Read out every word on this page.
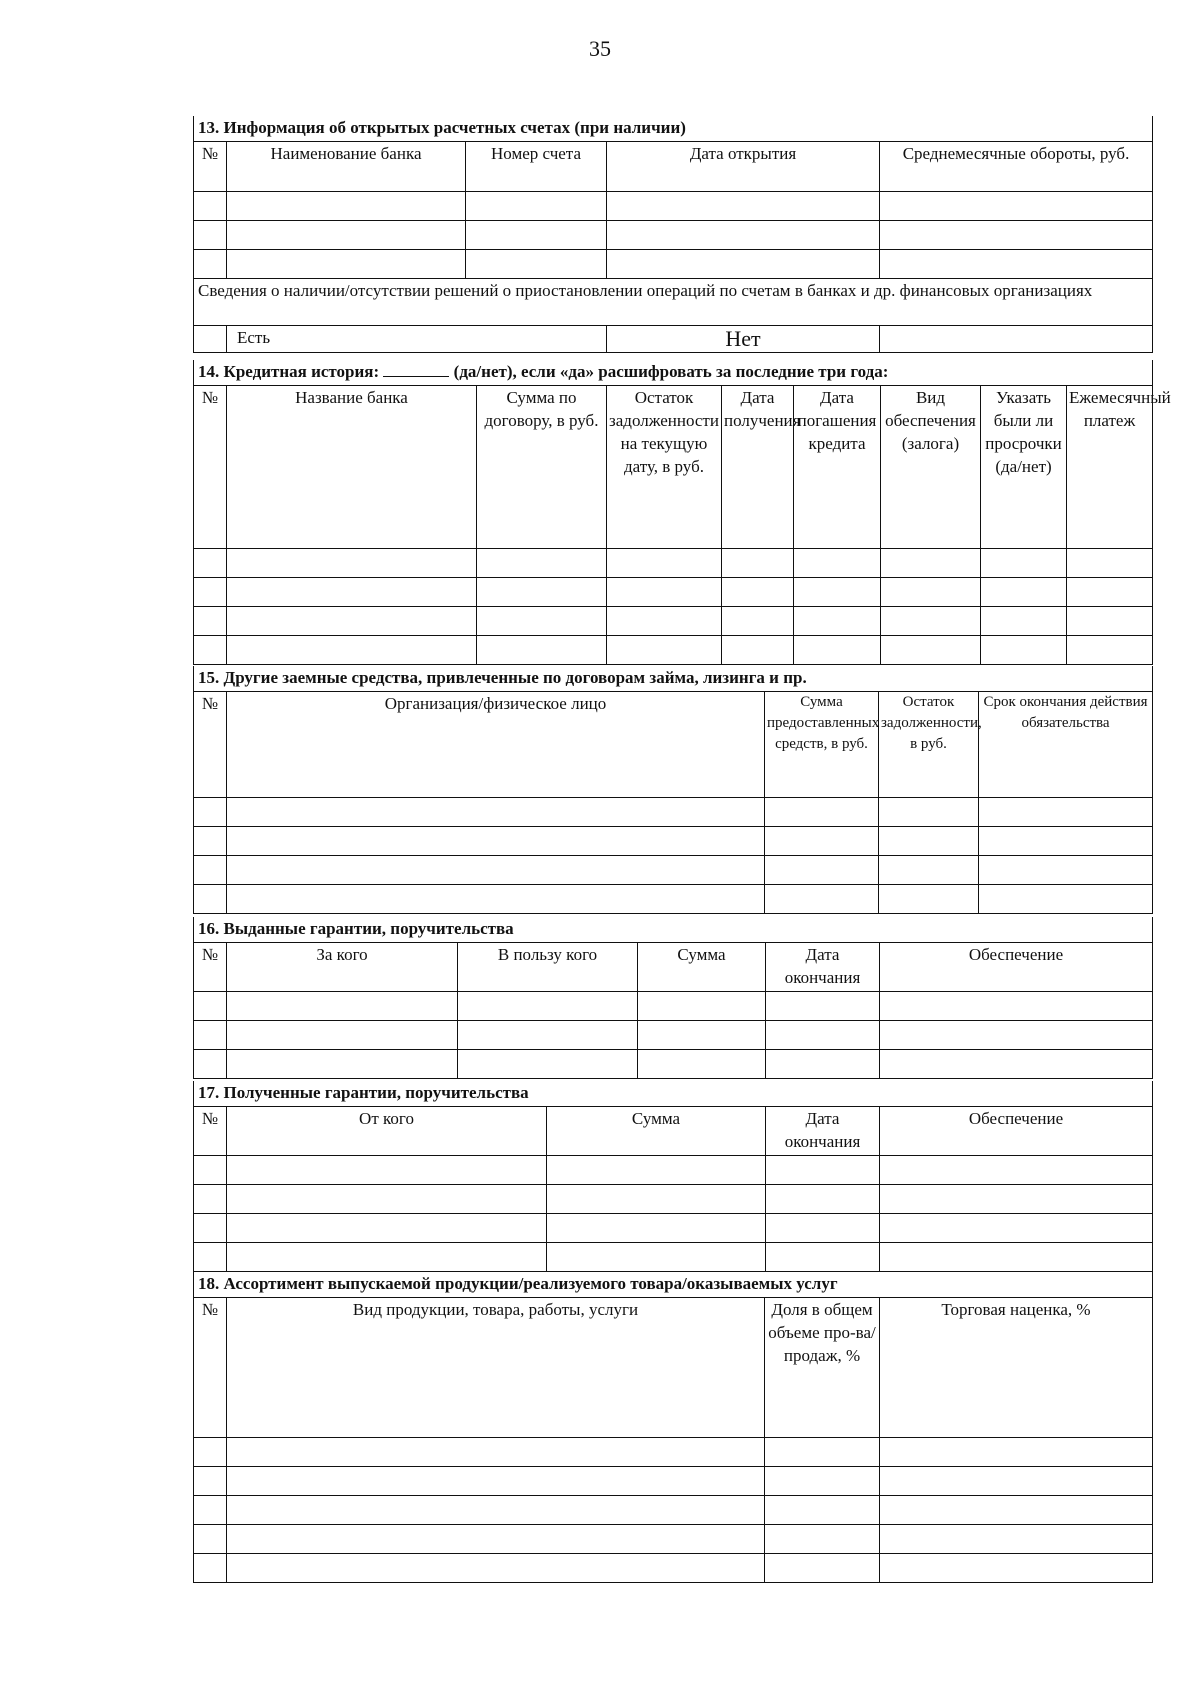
35
13. Информация об открытых расчетных счетах (при наличии)				
№	Наименование банка	Номер счета	Дата открытия	Среднемесячные обороты, руб.

Сведения о наличии/отсутствии решений о приостановлении операций по счетам в банках и др. финансовых организациях				
	Есть		Нет	
14. Кредитная история: (да/нет), если «да» расшифровать за последние три года:								
№	Название банка	Сумма по договору, в руб.	Остаток задолженности на текущую дату, в руб.	Дата получения	Дата погашения кредита	Вид обеспечения (залога)	Указать были ли просрочки (да/нет)	Ежемесячный платеж

15. Другие заемные средства, привлеченные по договорам займа, лизинга и пр.				
№	Организация/физическое лицо	Сумма предоставленных средств, в руб.	Остаток задолженности, в руб.	Срок окончания действия обязательства

16. Выданные гарантии, поручительства					
№	За кого	В пользу кого	Сумма	Дата окончания	Обеспечение

17. Полученные гарантии, поручительства				
№	От кого	Сумма	Дата окончания	Обеспечение

18. Ассортимент выпускаемой продукции/реализуемого товара/оказываемых услуг			
№	Вид продукции, товара, работы, услуги	Доля в общем объеме про-ва/продаж, %	Торговая наценка, %
